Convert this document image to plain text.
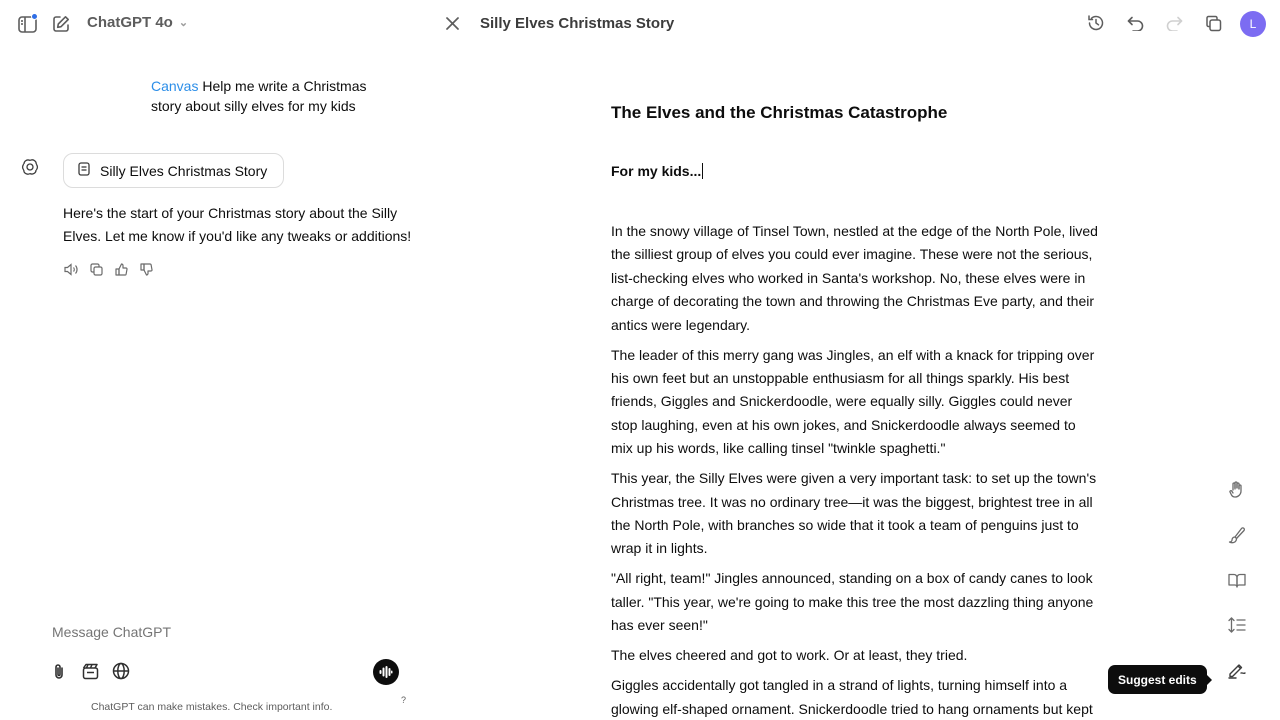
ChatGPT 4o ⌄
Canvas Help me write a Christmas story about silly elves for my kids
Silly Elves Christmas Story
Here's the start of your Christmas story about the Silly Elves. Let me know if you'd like any tweaks or additions!
Message ChatGPT
ChatGPT can make mistakes. Check important info.
?
Silly Elves Christmas Story	L
The Elves and the Christmas Catastrophe
For my kids...

In the snowy village of Tinsel Town, nestled at the edge of the North Pole, lived the silliest group of elves you could ever imagine. These were not the serious, list-checking elves who worked in Santa's workshop. No, these elves were in charge of decorating the town and throwing the Christmas Eve party, and their antics were legendary.

The leader of this merry gang was Jingles, an elf with a knack for tripping over his own feet but an unstoppable enthusiasm for all things sparkly. His best friends, Giggles and Snickerdoodle, were equally silly. Giggles could never stop laughing, even at his own jokes, and Snickerdoodle always seemed to mix up his words, like calling tinsel "twinkle spaghetti."

This year, the Silly Elves were given a very important task: to set up the town's Christmas tree. It was no ordinary tree—it was the biggest, brightest tree in all the North Pole, with branches so wide that it took a team of penguins just to wrap it in lights.

"All right, team!" Jingles announced, standing on a box of candy canes to look taller. "This year, we're going to make this tree the most dazzling thing anyone has ever seen!"

The elves cheered and got to work. Or at least, they tried.

Giggles accidentally got tangled in a strand of lights, turning himself into a glowing elf-shaped ornament. Snickerdoodle tried to hang ornaments but kept

Suggest edits
